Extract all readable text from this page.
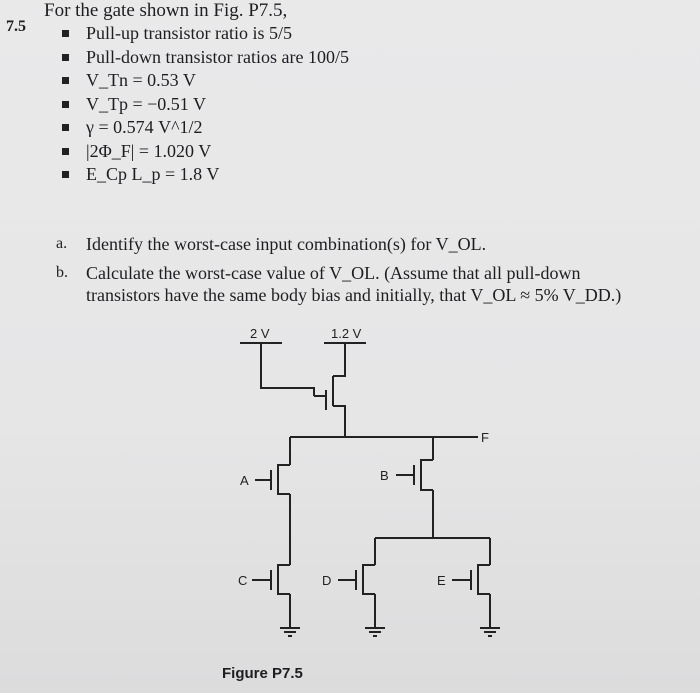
7.5
For the gate shown in Fig. P7.5,
Pull-up transistor ratio is 5/5
Pull-down transistor ratios are 100/5
V_Tn = 0.53 V
V_Tp = −0.51 V
γ = 0.574 V^1/2
|2Φ_F| = 1.020 V
E_Cp L_p = 1.8 V
a.	Identify the worst-case input combination(s) for V_OL.
b.	Calculate the worst-case value of V_OL. (Assume that all pull-down
transistors have the same body bias and initially, that V_OL ≈ 5% V_DD.)
2 V	1.2 V
F
A	B
C	D	E
Figure P7.5
